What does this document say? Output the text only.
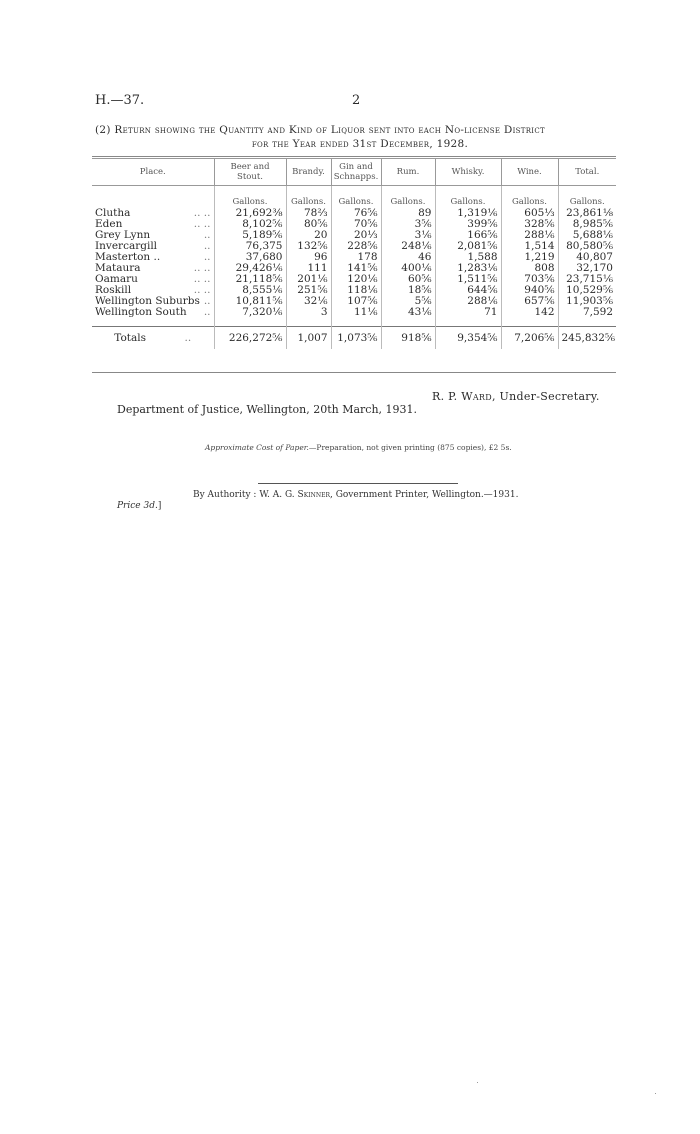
H.—37.	2
(2) Return showing the Quantity and Kind of Liquor sent into each No-license District
for the Year ended 31st December, 1928.
Place.	Beer and Stout.	Brandy.	Gin and Schnapps.	Rum.	Whisky.	Wine.	Total.
	Gallons.	Gallons.	Gallons.	Gallons.	Gallons.	Gallons.	Gallons.

Clutha .. ..	21,692⅜	78⅔	76⅚	89	1,319⅙	605⅓	23,861⅛

Eden .. ..	8,102⅚	80⅚	70⅚	3⅚	399⅚	328⅚	8,985⅚

Grey Lynn ..	5,189⅚	20	20⅓	3⅙	166⅚	288⅙	5,688⅙

Invercargill ..	76,375	132⅚	228⅚	248⅙	2,081⅚	1,514	80,580⅚

Masterton .. ..	37,680	96	178	46	1,588	1,219	40,807

Mataura .. ..	29,426⅙	111	141⅚	400⅙	1,283⅙	808	32,170

Oamaru .. ..	21,118⅚	201⅙	120⅙	60⅚	1,511⅚	703⅚	23,715⅙

Roskill .. ..	8,555⅙	251⅚	118⅙	18⅚	644⅚	940⅚	10,529⅚

Wellington Suburbs ..	10,811⅚	32⅙	107⅚	5⅚	288⅙	657⅚	11,903⅚

Wellington South ..	7,320⅙	3	11⅙	43⅙	71	142	7,592

Totals ..	226,272⅚	1,007	1,073⅚	918⅚	9,354⅚	7,206⅚	245,832⅚
R. P. Ward, Under-Secretary.
Department of Justice, Wellington, 20th March, 1931.
Approximate Cost of Paper.—Preparation, not given printing (875 copies), £2 5s.
By Authority : W. A. G. Skinner, Government Printer, Wellington.—1931.
Price 3d.]
